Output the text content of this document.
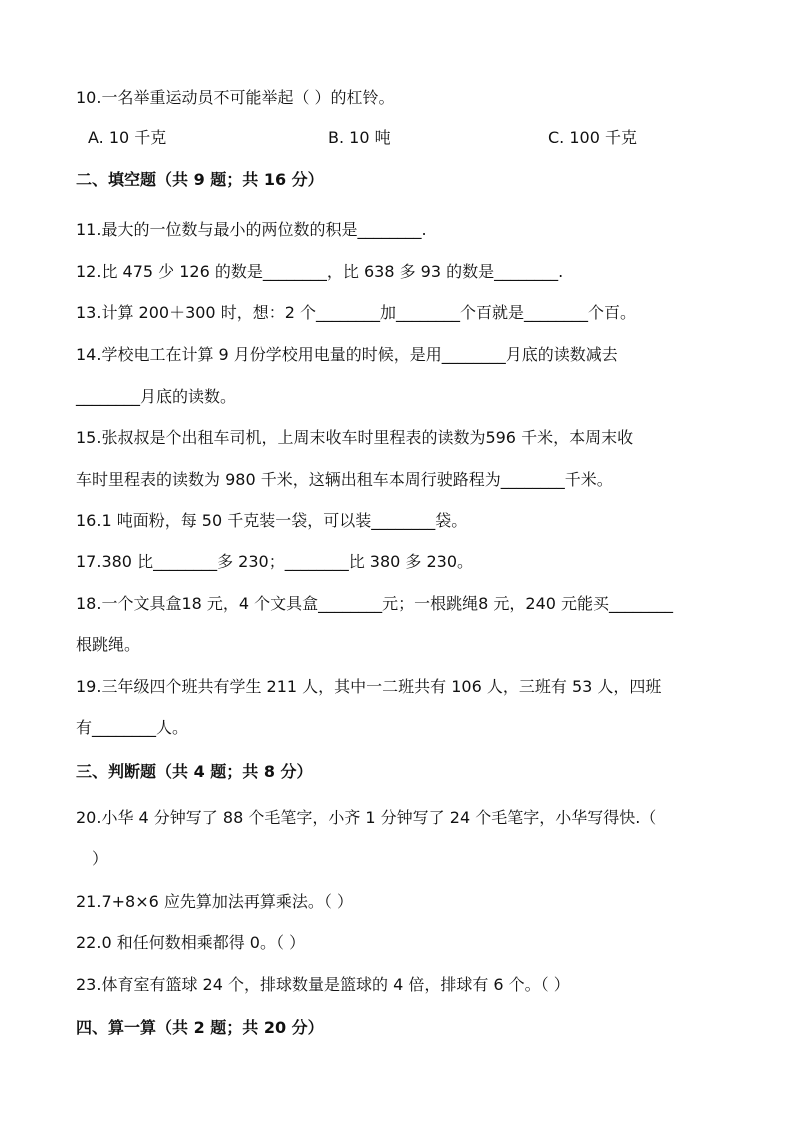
10.一名举重运动员不可能举起（ ）的杠铃。
A. 10 千克	B. 10 吨	C. 100 千克
二、填空题（共 9 题；共 16 分）
11.最大的一位数与最小的两位数的积是________.
12.比 475 少 126 的数是________，比 638 多 93 的数是________.
13.计算 200＋300 时，想：2 个________加________个百就是________个百。
14.学校电工在计算 9 月份学校用电量的时候，是用________月底的读数减去
________月底的读数。
15.张叔叔是个出租车司机，上周末收车时里程表的读数为596 千米，本周末收
车时里程表的读数为 980 千米，这辆出租车本周行驶路程为________千米。
16.1 吨面粉，每 50 千克装一袋，可以装________袋。
17.380 比________多 230；________比 380 多 230。
18.一个文具盒18 元，4 个文具盒________元；一根跳绳8 元，240 元能买________
根跳绳。
19.三年级四个班共有学生 211 人，其中一二班共有 106 人，三班有 53 人，四班
有________人。
三、判断题（共 4 题；共 8 分）
20.小华 4 分钟写了 88 个毛笔字，小齐 1 分钟写了 24 个毛笔字，小华写得快.（
）
21.7+8×6 应先算加法再算乘法。（ ）
22.0 和任何数相乘都得 0。（ ）
23.体育室有篮球 24 个，排球数量是篮球的 4 倍，排球有 6 个。（ ）
四、算一算（共 2 题；共 20 分）
